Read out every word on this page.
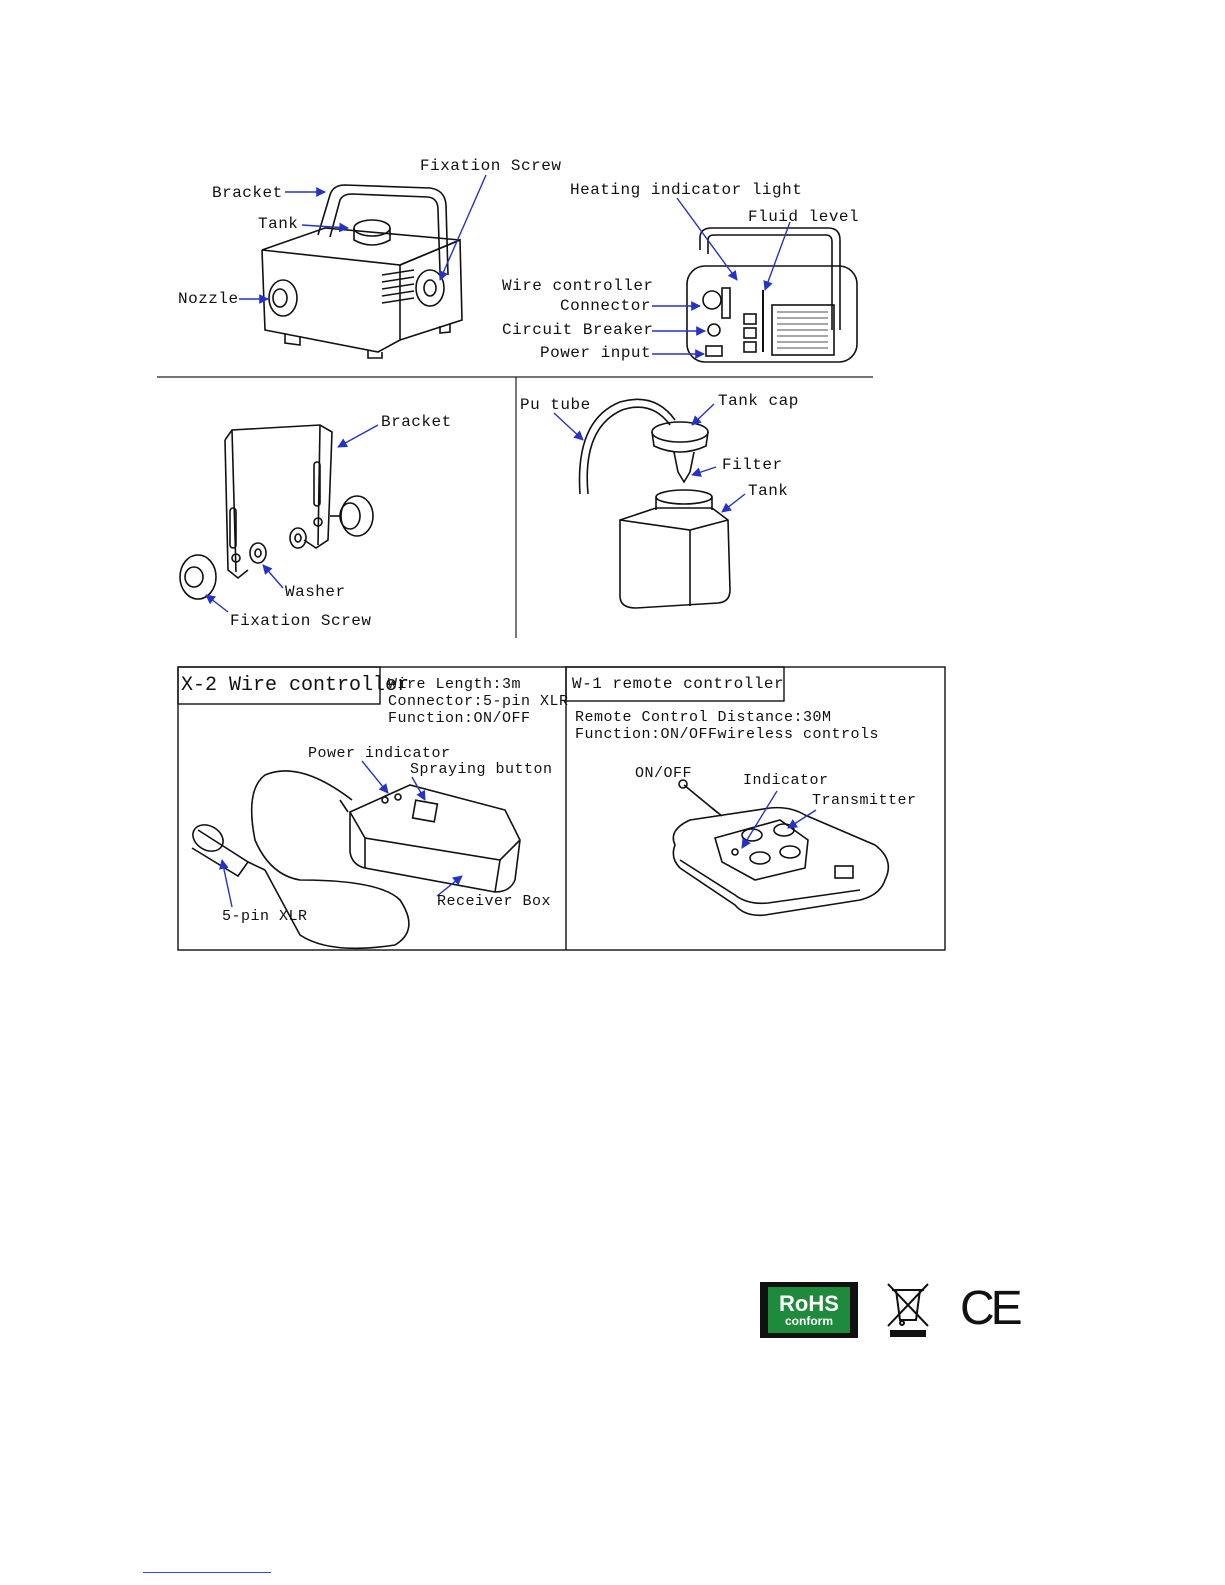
Fixation Screw
Bracket
Tank
Nozzle
Heating indicator light
Fluid level
Wire controller
Connector
Circuit Breaker
Power input
Bracket
Washer
Fixation Screw
Pu tube	Tank cap
Filter
Tank
X-2 Wire controller
Wire Length:3m
Connector:5-pin XLR
Function:ON/OFF
Power indicator
Spraying button
Receiver Box
5-pin XLR
W-1 remote controller
Remote Control Distance:30M
Function:ON/OFFwireless controls
ON/OFF	Indicator
Transmitter
RoHS
conform	CE
